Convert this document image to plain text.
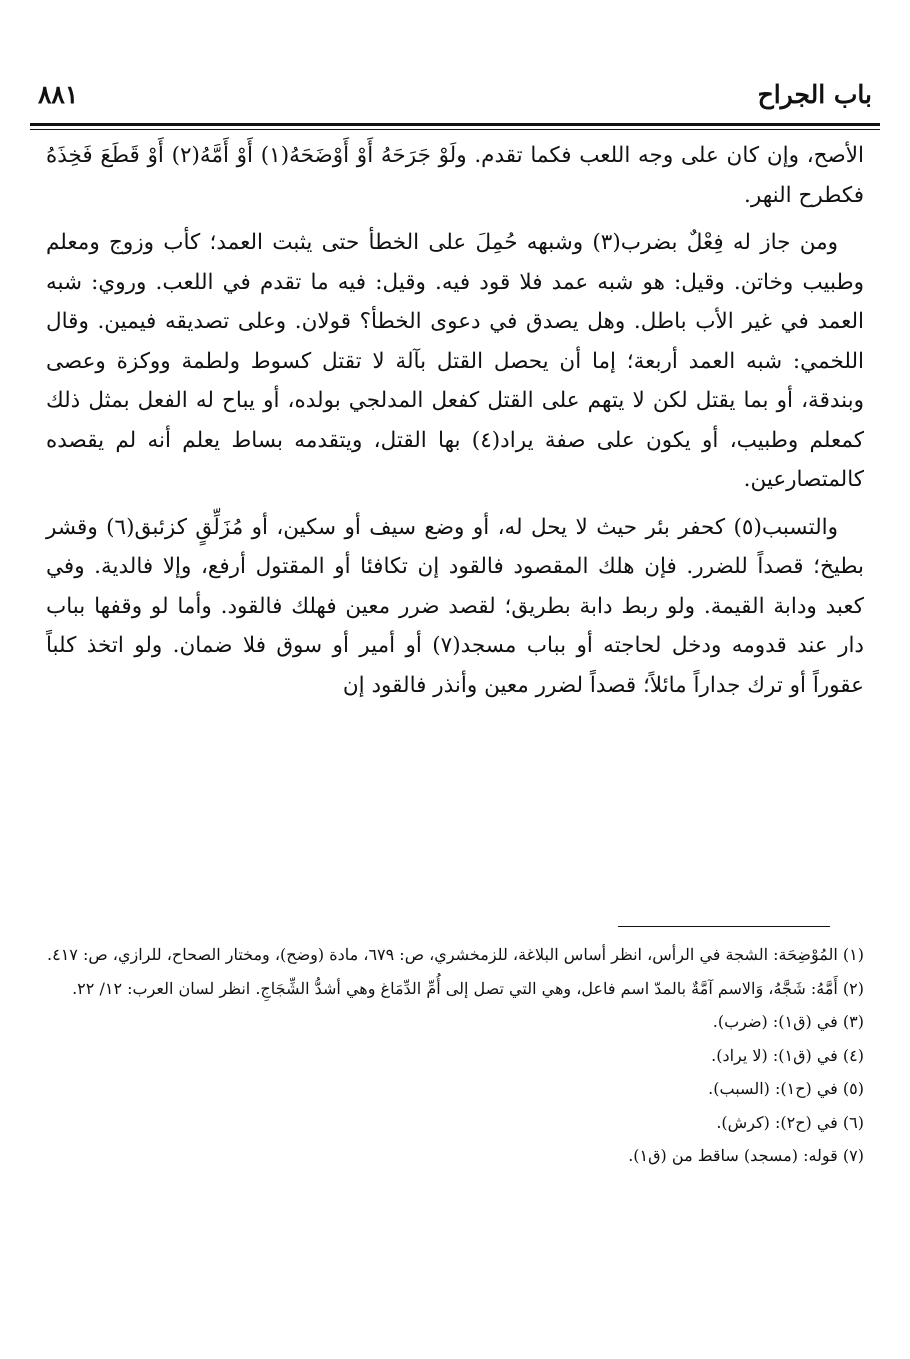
باب الجراح
٨٨١

الأصح، وإن كان على وجه اللعب فكما تقدم. ولَوْ جَرَحَهُ أَوْ أَوْضَحَهُ(١) أَوْ أَمَّهُ(٢) أَوْ قَطَعَ فَخِذَهُ فكطرح النهر.

ومن جاز له فِعْلٌ بضرب(٣) وشبهه حُمِلَ على الخطأ حتى يثبت العمد؛ كأب وزوج ومعلم وطبيب وخاتن. وقيل: هو شبه عمد فلا قود فيه. وقيل: فيه ما تقدم في اللعب. وروي: شبه العمد في غير الأب باطل. وهل يصدق في دعوى الخطأ؟ قولان. وعلى تصديقه فيمين. وقال اللخمي: شبه العمد أربعة؛ إما أن يحصل القتل بآلة لا تقتل كسوط ولطمة ووكزة وعصى وبندقة، أو بما يقتل لكن لا يتهم على القتل كفعل المدلجي بولده، أو يباح له الفعل بمثل ذلك كمعلم وطبيب، أو يكون على صفة يراد(٤) بها القتل، ويتقدمه بساط يعلم أنه لم يقصده كالمتصارعين.

والتسبب(٥) كحفر بئر حيث لا يحل له، أو وضع سيف أو سكين، أو مُزَلِّقٍ كزئبق(٦) وقشر بطيخ؛ قصداً للضرر. فإن هلك المقصود فالقود إن تكافئا أو المقتول أرفع، وإلا فالدية. وفي كعبد ودابة القيمة. ولو ربط دابة بطريق؛ لقصد ضرر معين فهلك فالقود. وأما لو وقفها بباب دار عند قدومه ودخل لحاجته أو بباب مسجد(٧) أو أمير أو سوق فلا ضمان. ولو اتخذ كلباً عقوراً أو ترك جداراً مائلاً؛ قصداً لضرر معين وأنذر فالقود إن

(١) المُوْضِحَة: الشجة في الرأس، انظر أساس البلاغة، للزمخشري، ص: ٦٧٩، مادة (وضح)، ومختار الصحاح، للرازي، ص: ٤١٧.

(٢) أَمَّهُ: شَجَّهُ، وَالاسم آمَّةٌ بالمدّ اسم فاعل، وهي التي تصل إلى أُمِّ الدِّمَاغ وهي أشدُّ الشِّجَاجِ. انظر لسان العرب: ١٢/ ٢٢.

(٣) في (ق١): (ضرب).

(٤) في (ق١): (لا يراد).

(٥) في (ح١): (السبب).

(٦) في (ح٢): (كرش).

(٧) قوله: (مسجد) ساقط من (ق١).
